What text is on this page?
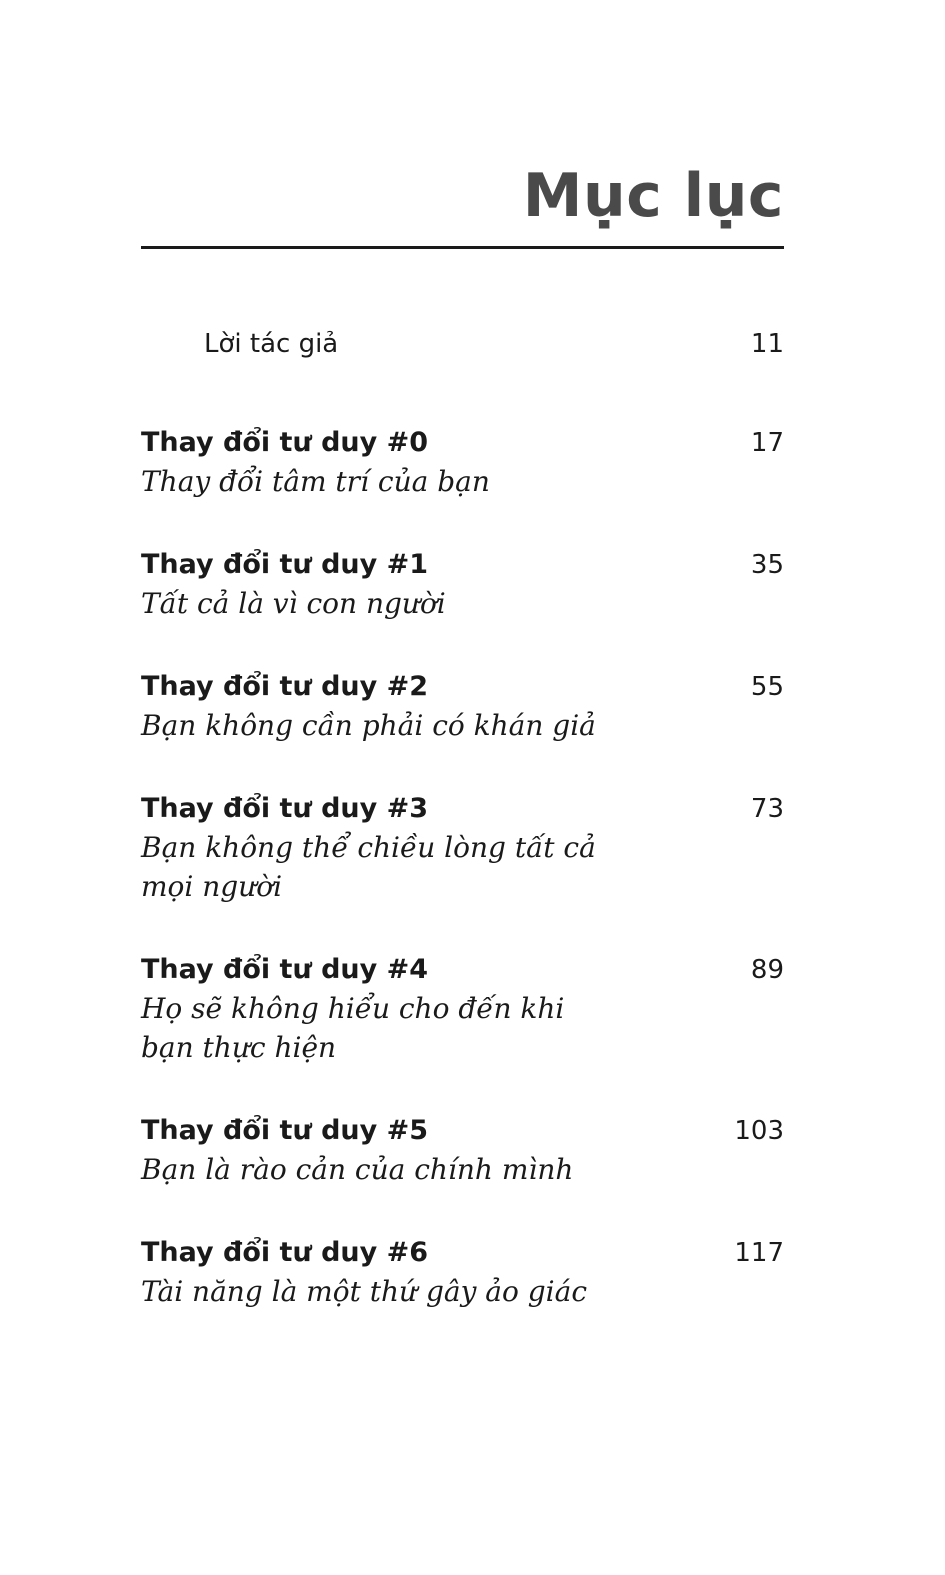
Mục lục
Lời tác giả	11
Thay đổi tư duy #0
Thay đổi tâm trí của bạn
17
Thay đổi tư duy #1
Tất cả là vì con người
35
Thay đổi tư duy #2
Bạn không cần phải có khán giả
55
Thay đổi tư duy #3
Bạn không thể chiều lòng tất cả mọi người
73
Thay đổi tư duy #4
Họ sẽ không hiểu cho đến khi bạn thực hiện
89
Thay đổi tư duy #5
Bạn là rào cản của chính mình
103
Thay đổi tư duy #6
Tài năng là một thứ gây ảo giác
117
